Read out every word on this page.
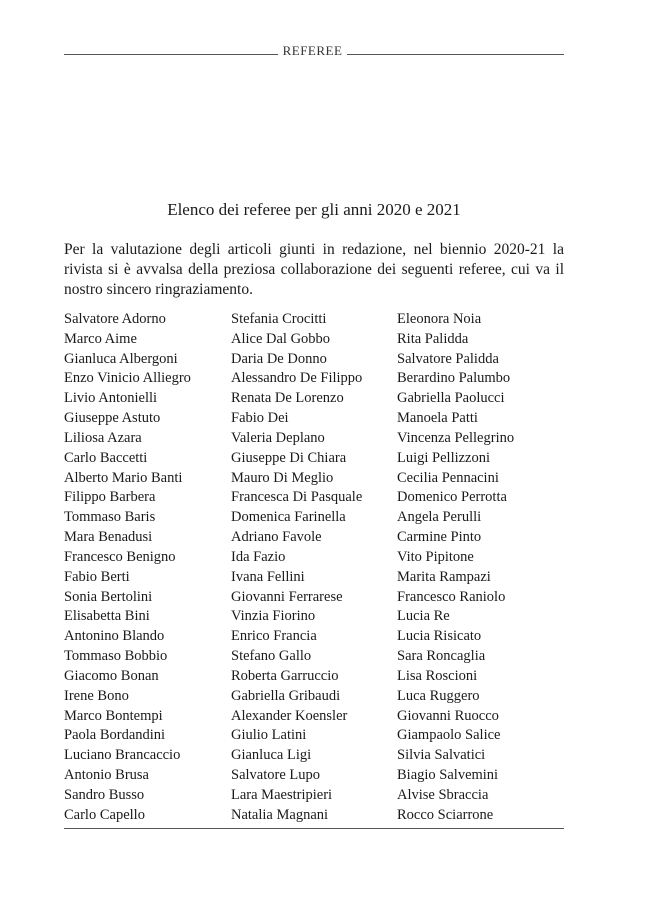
REFEREE
Elenco dei referee per gli anni 2020 e 2021
Per la valutazione degli articoli giunti in redazione, nel biennio 2020-21 la rivista si è avvalsa della preziosa collaborazione dei seguenti referee, cui va il nostro sincero ringraziamento.
Salvatore Adorno
Marco Aime
Gianluca Albergoni
Enzo Vinicio Alliegro
Livio Antonielli
Giuseppe Astuto
Liliosa Azara
Carlo Baccetti
Alberto Mario Banti
Filippo Barbera
Tommaso Baris
Mara Benadusi
Francesco Benigno
Fabio Berti
Sonia Bertolini
Elisabetta Bini
Antonino Blando
Tommaso Bobbio
Giacomo Bonan
Irene Bono
Marco Bontempi
Paola Bordandini
Luciano Brancaccio
Antonio Brusa
Sandro Busso
Carlo Capello
Stefania Crocitti
Alice Dal Gobbo
Daria De Donno
Alessandro De Filippo
Renata De Lorenzo
Fabio Dei
Valeria Deplano
Giuseppe Di Chiara
Mauro Di Meglio
Francesca Di Pasquale
Domenica Farinella
Adriano Favole
Ida Fazio
Ivana Fellini
Giovanni Ferrarese
Vinzia Fiorino
Enrico Francia
Stefano Gallo
Roberta Garruccio
Gabriella Gribaudi
Alexander Koensler
Giulio Latini
Gianluca Ligi
Salvatore Lupo
Lara Maestripieri
Natalia Magnani
Eleonora Noia
Rita Palidda
Salvatore Palidda
Berardino Palumbo
Gabriella Paolucci
Manoela Patti
Vincenza Pellegrino
Luigi Pellizzoni
Cecilia Pennacini
Domenico Perrotta
Angela Perulli
Carmine Pinto
Vito Pipitone
Marita Rampazi
Francesco Raniolo
Lucia Re
Lucia Risicato
Sara Roncaglia
Lisa Roscioni
Luca Ruggero
Giovanni Ruocco
Giampaolo Salice
Silvia Salvatici
Biagio Salvemini
Alvise Sbraccia
Rocco Sciarrone
